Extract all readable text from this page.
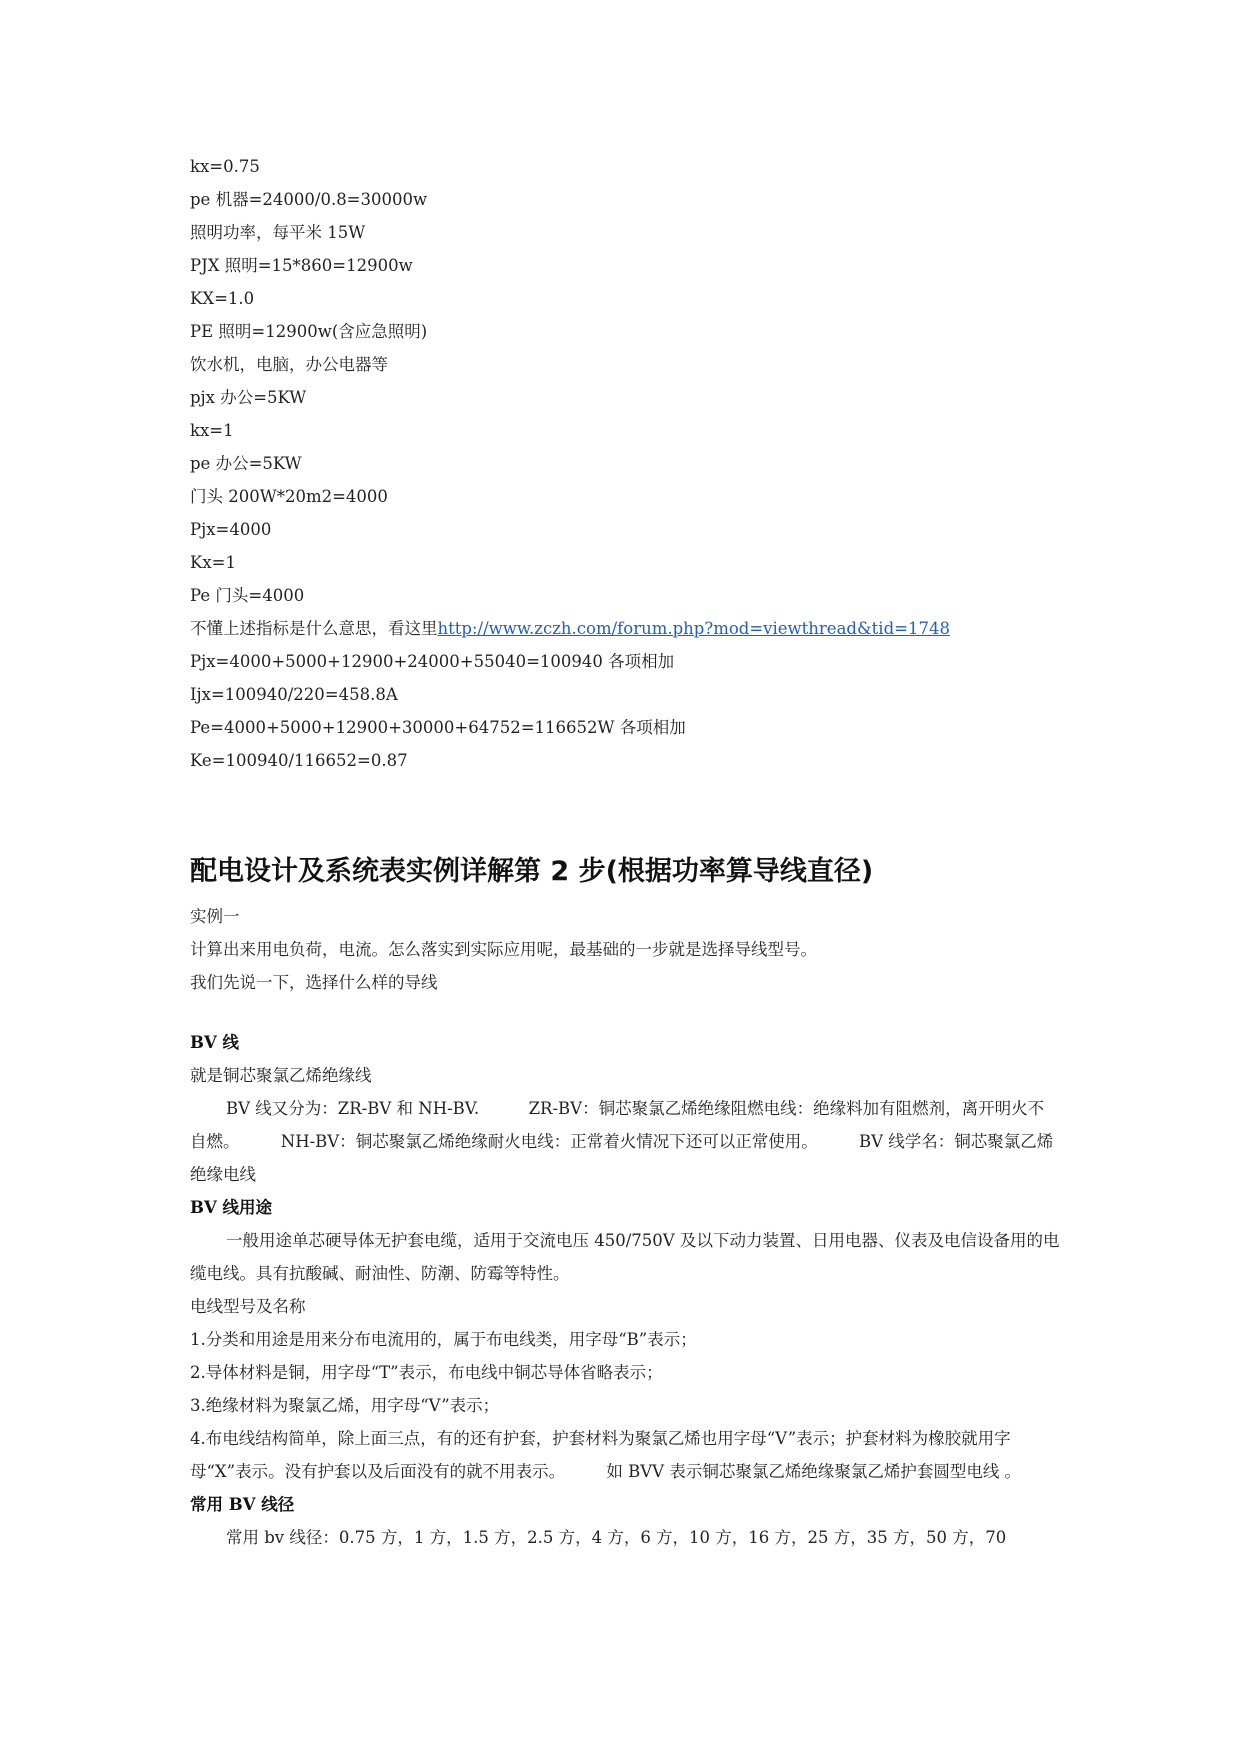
kx=0.75
pe 机器=24000/0.8=30000w
照明功率，每平米 15W
PJX 照明=15*860=12900w
KX=1.0
PE 照明=12900w(含应急照明)
饮水机，电脑，办公电器等
pjx 办公=5KW
kx=1
pe 办公=5KW
门头 200W*20m2=4000
Pjx=4000
Kx=1
Pe 门头=4000
不懂上述指标是什么意思，看这里http://www.zczh.com/forum.php?mod=viewthread&tid=1748
Pjx=4000+5000+12900+24000+55040=100940 各项相加
Ijx=100940/220=458.8A
Pe=4000+5000+12900+30000+64752=116652W 各项相加
Ke=100940/116652=0.87
配电设计及系统表实例详解第 2 步(根据功率算导线直径)
实例一
计算出来用电负荷，电流。怎么落实到实际应用呢，最基础的一步就是选择导线型号。
我们先说一下，选择什么样的导线
BV 线
就是铜芯聚氯乙烯绝缘线
BV 线又分为：ZR-BV 和 NH-BV.　　　ZR-BV：铜芯聚氯乙烯绝缘阻燃电线：绝缘料加有阻燃剂，离开明火不自燃。　　　NH-BV：铜芯聚氯乙烯绝缘耐火电线：正常着火情况下还可以正常使用。　　　BV 线学名：铜芯聚氯乙烯绝缘电线
BV 线用途
一般用途单芯硬导体无护套电缆，适用于交流电压 450/750V 及以下动力装置、日用电器、仪表及电信设备用的电缆电线。具有抗酸碱、耐油性、防潮、防霉等特性。
电线型号及名称
1.分类和用途是用来分布电流用的，属于布电线类，用字母“B”表示；
2.导体材料是铜，用字母“T”表示，布电线中铜芯导体省略表示；
3.绝缘材料为聚氯乙烯，用字母“V”表示；
4.布电线结构简单，除上面三点，有的还有护套，护套材料为聚氯乙烯也用字母“V”表示；护套材料为橡胶就用字母“X”表示。没有护套以及后面没有的就不用表示。　　　如 BVV 表示铜芯聚氯乙烯绝缘聚氯乙烯护套圆型电线 。
常用 BV 线径
常用 bv 线径：0.75 方，1 方，1.5 方，2.5 方，4 方，6 方，10 方，16 方，25 方，35 方，50 方，70
